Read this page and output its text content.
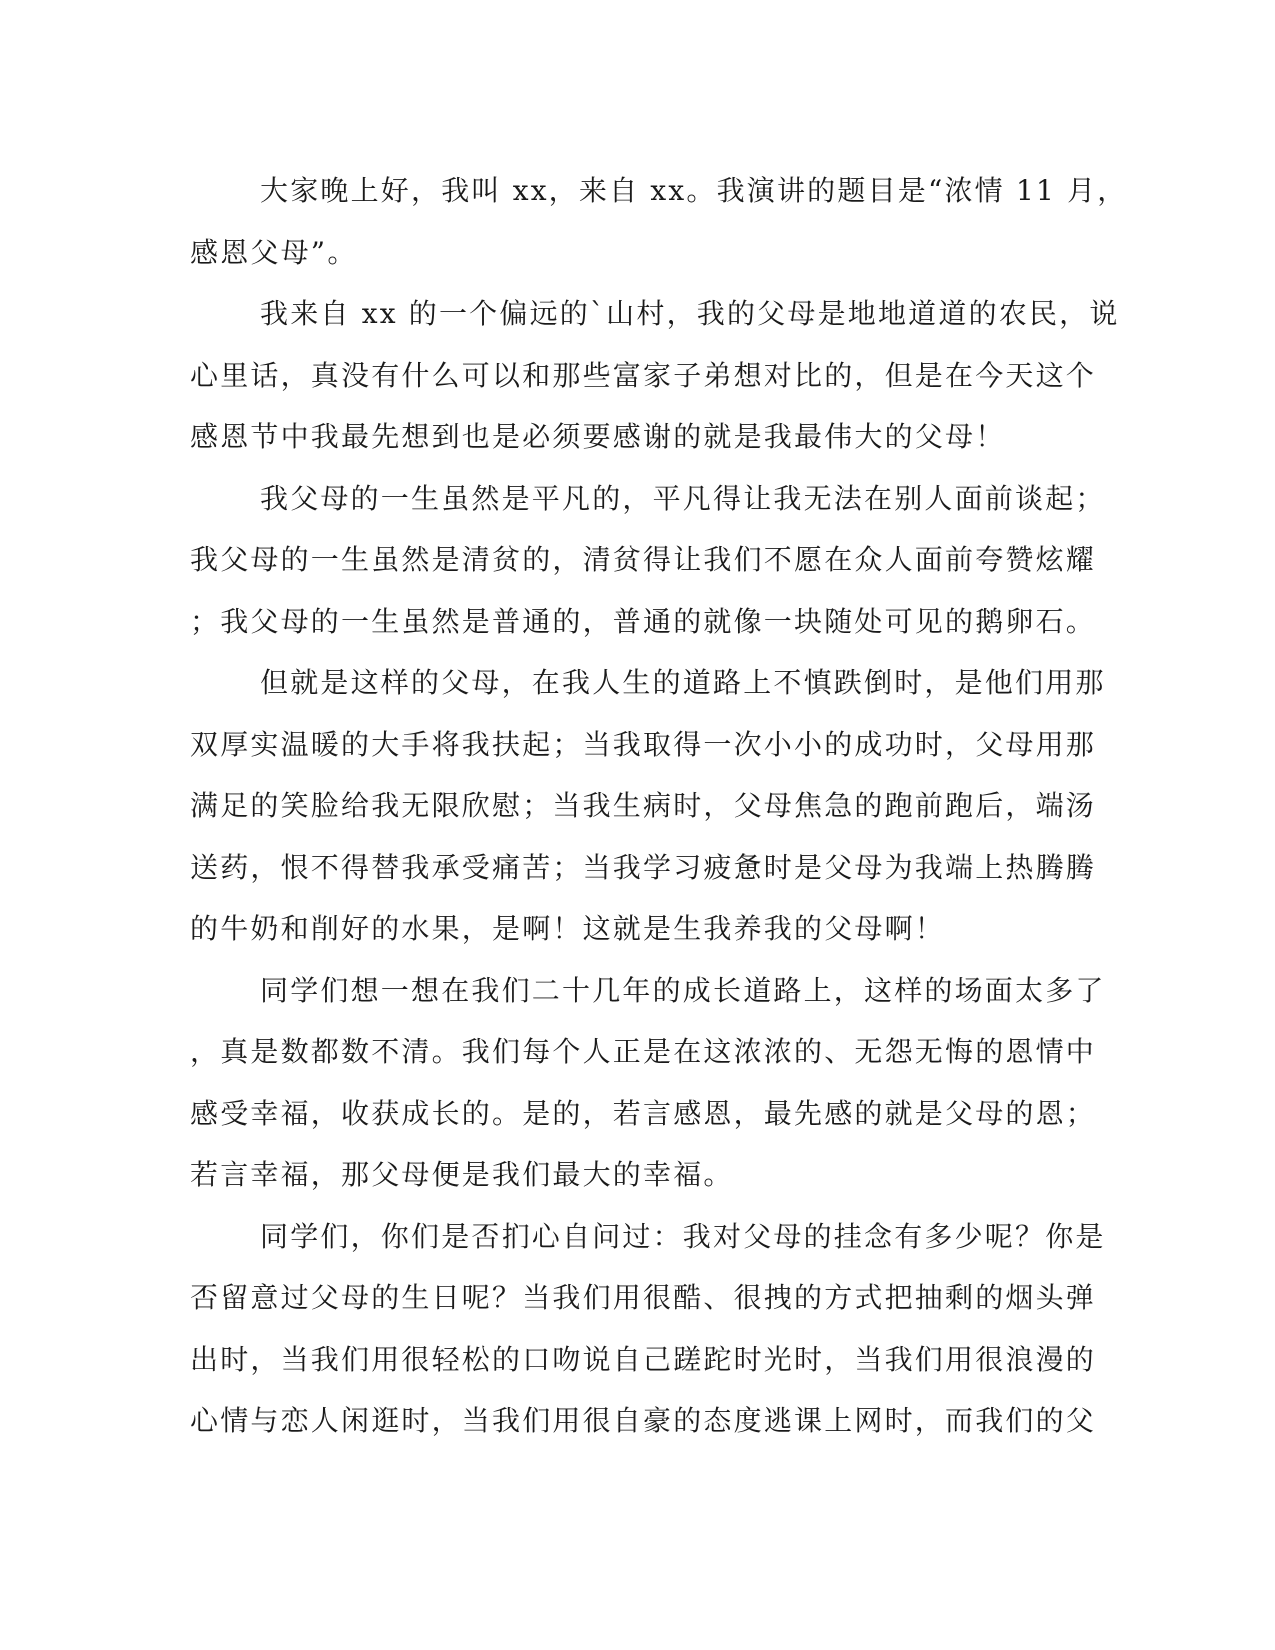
大家晚上好，我叫 xx，来自 xx。我演讲的题目是“浓情 11 月，
感恩父母”。
我来自 xx 的一个偏远的`山村，我的父母是地地道道的农民，说
心里话，真没有什么可以和那些富家子弟想对比的，但是在今天这个
感恩节中我最先想到也是必须要感谢的就是我最伟大的父母！
我父母的一生虽然是平凡的，平凡得让我无法在别人面前谈起；
我父母的一生虽然是清贫的，清贫得让我们不愿在众人面前夸赞炫耀
；我父母的一生虽然是普通的，普通的就像一块随处可见的鹅卵石。
但就是这样的父母，在我人生的道路上不慎跌倒时，是他们用那
双厚实温暖的大手将我扶起；当我取得一次小小的成功时，父母用那
满足的笑脸给我无限欣慰；当我生病时，父母焦急的跑前跑后，端汤
送药，恨不得替我承受痛苦；当我学习疲惫时是父母为我端上热腾腾
的牛奶和削好的水果，是啊！这就是生我养我的父母啊！
同学们想一想在我们二十几年的成长道路上，这样的场面太多了
，真是数都数不清。我们每个人正是在这浓浓的、无怨无悔的恩情中
感受幸福，收获成长的。是的，若言感恩，最先感的就是父母的恩；
若言幸福，那父母便是我们最大的幸福。
同学们，你们是否扪心自问过：我对父母的挂念有多少呢？你是
否留意过父母的生日呢？当我们用很酷、很拽的方式把抽剩的烟头弹
出时，当我们用很轻松的口吻说自己蹉跎时光时，当我们用很浪漫的
心情与恋人闲逛时，当我们用很自豪的态度逃课上网时，而我们的父
